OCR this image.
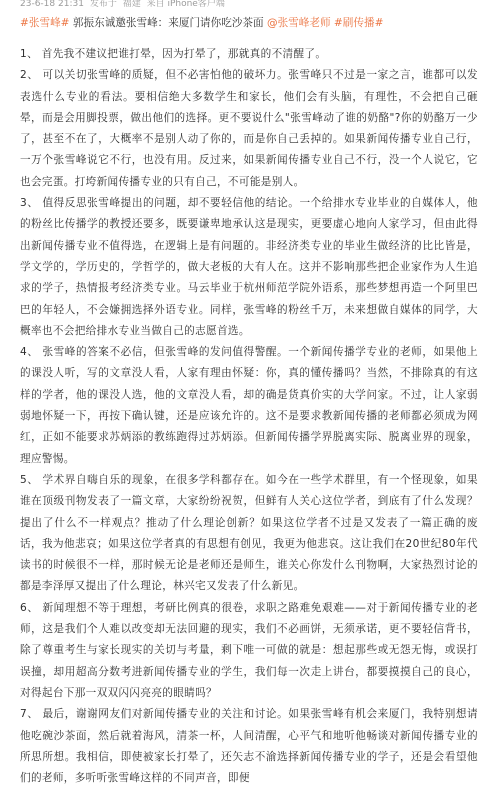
23-6-18 21:31 发布于 福建 来自 iPhone客户端
#张雪峰# 郭振东诚邀张雪峰：来厦门请你吃沙茶面 @张雪峰老师 #刷传播#

1、 首先我不建议把谁打晕，因为打晕了，那就真的不清醒了。

2、 可以关切张雪峰的质疑，但不必害怕他的破坏力。张雪峰只不过是一家之言，谁都可以发表选什么专业的看法。要相信绝大多数学生和家长，他们会有头脑，有理性，不会把自己砸晕，而是会用脚投票，做出他们的选择。更不要说什么"张雪峰动了谁的奶酪"?你的奶酪万一少了，甚至不在了，大概率不是别人动了你的，而是你自己丢掉的。如果新闻传播专业自己行，一万个张雪峰说它不行，也没有用。反过来，如果新闻传播专业自己不行，没一个人说它，它也会完蛋。打垮新闻传播专业的只有自己，不可能是别人。

3、 值得反思张雪峰提出的问题，却不要轻信他的结论。一个给排水专业毕业的自媒体人，他的粉丝比传播学的教授还要多，既要谦卑地承认这是现实，更要虚心地向人家学习，但由此得出新闻传播专业不值得选，在逻辑上是有问题的。非经济类专业的毕业生做经济的比比皆是，学文学的，学历史的，学哲学的，做大老板的大有人在。这并不影响那些把企业家作为人生追求的学子，热情报考经济类专业。马云毕业于杭州师范学院外语系，那些梦想再造一个阿里巴巴的年轻人，不会嫌拥选择外语专业。同样，张雪峰的粉丝千万，未来想做自媒体的同学，大概率也不会把给排水专业当做自己的志愿首选。

4、 张雪峰的答案不必信，但张雪峰的发问值得警醒。一个新闻传播学专业的老师，如果他上的课没人听，写的文章没人看，人家有理由怀疑：你，真的懂传播吗？当然，不排除真的有这样的学者，他的课没人选，他的文章没人看，却的确是货真价实的大学问家。不过，让人家弱弱地怀疑一下，再按下确认键，还是应该允许的。这不是要求教新闻传播的老师都必须成为网红，正如不能要求苏炳添的教练跑得过苏炳添。但新闻传播学界脱离实际、脱离业界的现象，理应警惕。

5、 学术界自嗨自乐的现象，在很多学科都存在。如今在一些学术群里，有一个怪现象，如果谁在顶级刊物发表了一篇文章，大家纷纷祝贺，但鲜有人关心这位学者，到底有了什么发现？提出了什么不一样观点？推动了什么理论创新？如果这位学者不过是又发表了一篇正确的废话，我为他悲哀；如果这位学者真的有思想有创见，我更为他悲哀。这让我们在20世纪80年代读书的时候很不一样，那时候无论是老师还是师生，谁关心你发什么刊物啊，大家热烈讨论的都是李泽厚又提出了什么理论，林兴宅又发表了什么新见。

6、 新闻理想不等于理想，考研比例真的很卷，求职之路难免艰难——对于新闻传播专业的老师，这是我们个人难以改变却无法回避的现实，我们不必画饼，无须承诺，更不要轻信背书，除了尊重考生与家长现实的关切与考量，剩下唯一可做的就是：想起那些或无怨无悔，或误打误撞，却用超高分数考进新闻传播专业的学生，我们每一次走上讲台，都要摸摸自己的良心，对得起台下那一双双闪闪亮亮的眼睛吗？

7、 最后，谢谢网友们对新闻传播专业的关注和讨论。如果张雪峰有机会来厦门，我特别想请他吃碗沙茶面，然后就着海风，清茶一杯，人间清醒，心平气和地听他畅谈对新闻传播专业的所思所想。我相信，即使被家长打晕了，还矢志不渝选择新闻传播专业的学子，还是会看望他们的老师，多听听张雪峰这样的不同声音，即便
